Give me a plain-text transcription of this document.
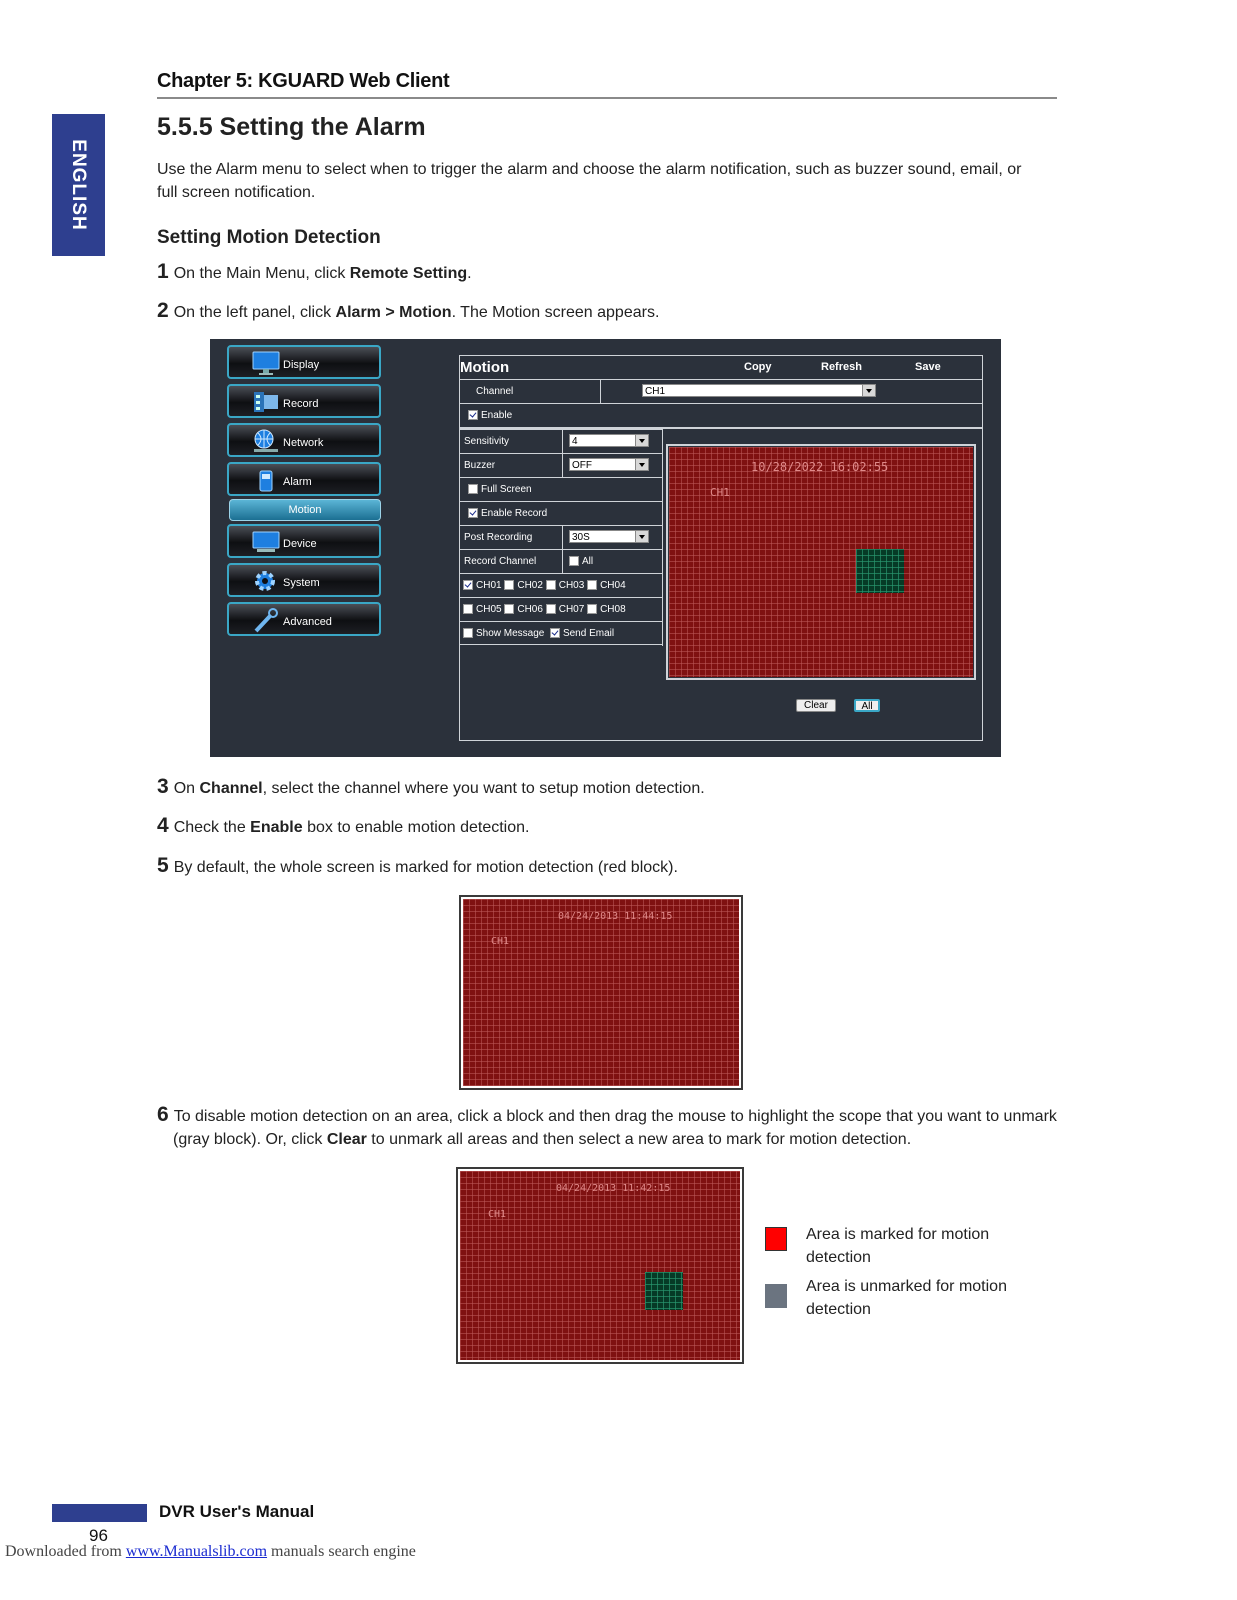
Chapter 5: KGUARD Web Client
ENGLISH
5.5.5 Setting the Alarm
Use the Alarm menu to select when to trigger the alarm and choose the alarm notification, such as buzzer sound, email, or full screen notification.
Setting Motion Detection
1 On the Main Menu, click Remote Setting.
2 On the left panel, click Alarm > Motion. The Motion screen appears.
Display
Record
Network
Alarm
Motion
Device
System
Advanced
Motion	Copy	Refresh	Save
Channel	CH1
Enable
Sensitivity	4
Buzzer	OFF
Full Screen
Enable Record
Post Recording	30S
Record Channel	All
CH01 CH02 CH03 CH04
CH05 CH06 CH07 CH08
Show Message Send Email
10/28/2022 16:02:55
CH1
Clear	All
3 On Channel, select the channel where you want to setup motion detection.
4 Check the Enable box to enable motion detection.
5 By default, the whole screen is marked for motion detection (red block).
04/24/2013 11:44:15
CH1
6 To disable motion detection on an area, click a block and then drag the mouse to highlight the scope that you want to unmark (gray block). Or, click Clear to unmark all areas and then select a new area to mark for motion detection.
04/24/2013 11:42:15
CH1
Area is marked for motion detection
Area is unmarked for motion detection
DVR User's Manual
96
Downloaded from www.Manualslib.com manuals search engine
